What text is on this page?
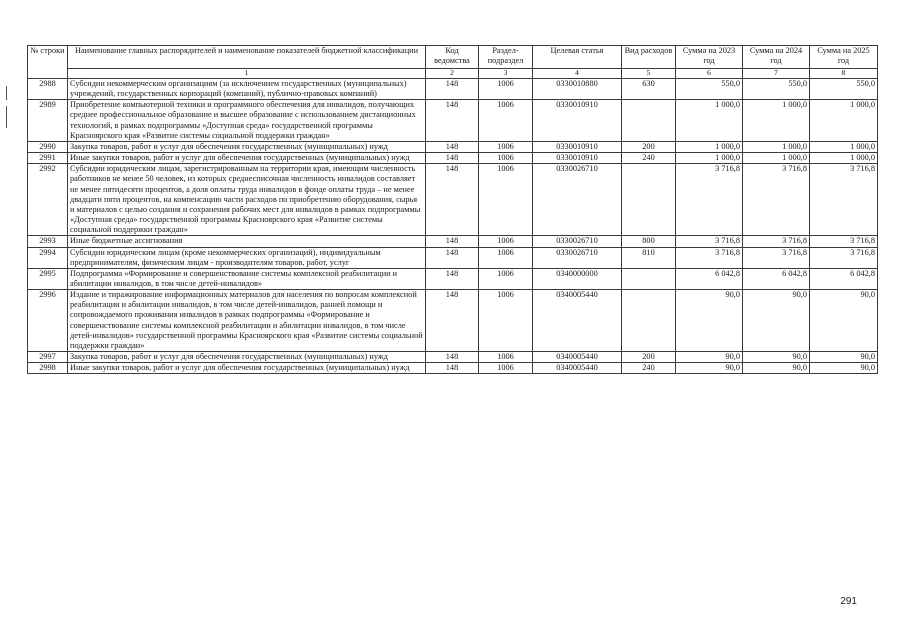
№ строки	Наименование главных распорядителей и наименование показателей бюджетной классификации	Код ведомства	Раздел-подраздел	Целевая статья	Вид расходов	Сумма на 2023 год	Сумма на 2024 год	Сумма на 2025 год
	1	2	3	4	5	6	7	8
2988	Субсидии некоммерческим организациям (за исключением государственных (муниципальных) учреждений, государственных корпораций (компаний), публично-правовых компаний)	148	1006	0330010880	630	550,0	550,0	550,0
2989	Приобретение компьютерной техники и программного обеспечения для инвалидов, получающих среднее профессиональное образование и высшее образование с использованием дистанционных технологий, в рамках подпрограммы «Доступная среда» государственной программы Красноярского края «Развитие системы социальной поддержки граждан»	148	1006	0330010910		1 000,0	1 000,0	1 000,0
2990	Закупка товаров, работ и услуг для обеспечения государственных (муниципальных) нужд	148	1006	0330010910	200	1 000,0	1 000,0	1 000,0
2991	Иные закупки товаров, работ и услуг для обеспечения государственных (муниципальных) нужд	148	1006	0330010910	240	1 000,0	1 000,0	1 000,0
2992	Субсидии юридическим лицам, зарегистрированным на территории края, имеющим численность работников не менее 50 человек, из которых среднесписочная численность инвалидов составляет не менее пятидесяти процентов, а доля оплаты труда инвалидов в фонде оплаты труда – не менее двадцати пяти процентов, на компенсацию части расходов по приобретению оборудования, сырья и материалов с целью создания и сохранения рабочих мест для инвалидов в рамках подпрограммы «Доступная среда» государственной программы Красноярского края «Развитие системы социальной поддержки граждан»	148	1006	0330026710		3 716,8	3 716,8	3 716,8
2993	Иные бюджетные ассигнования	148	1006	0330026710	800	3 716,8	3 716,8	3 716,8
2994	Субсидии юридическим лицам (кроме некоммерческих организаций), индивидуальным предпринимателям, физическим лицам - производителям товаров, работ, услуг	148	1006	0330026710	810	3 716,8	3 716,8	3 716,8
2995	Подпрограмма «Формирование и совершенствование системы комплексной реабилитации и абилитации инвалидов, в том числе детей-инвалидов»	148	1006	0340000000		6 042,8	6 042,8	6 042,8
2996	Издание и тиражирование информационных материалов для населения по вопросам комплексной реабилитации и абилитации инвалидов, в том числе детей-инвалидов, ранней помощи и сопровождаемого проживания инвалидов в рамках подпрограммы «Формирование и совершенствование системы комплексной реабилитации и абилитации инвалидов, в том числе детей-инвалидов» государственной программы Красноярского края «Развитие системы социальной поддержки граждан»	148	1006	0340005440		90,0	90,0	90,0
2997	Закупка товаров, работ и услуг для обеспечения государственных (муниципальных) нужд	148	1006	0340005440	200	90,0	90,0	90,0
2998	Иные закупки товаров, работ и услуг для обеспечения государственных (муниципальных) нужд	148	1006	0340005440	240	90,0	90,0	90,0
291
